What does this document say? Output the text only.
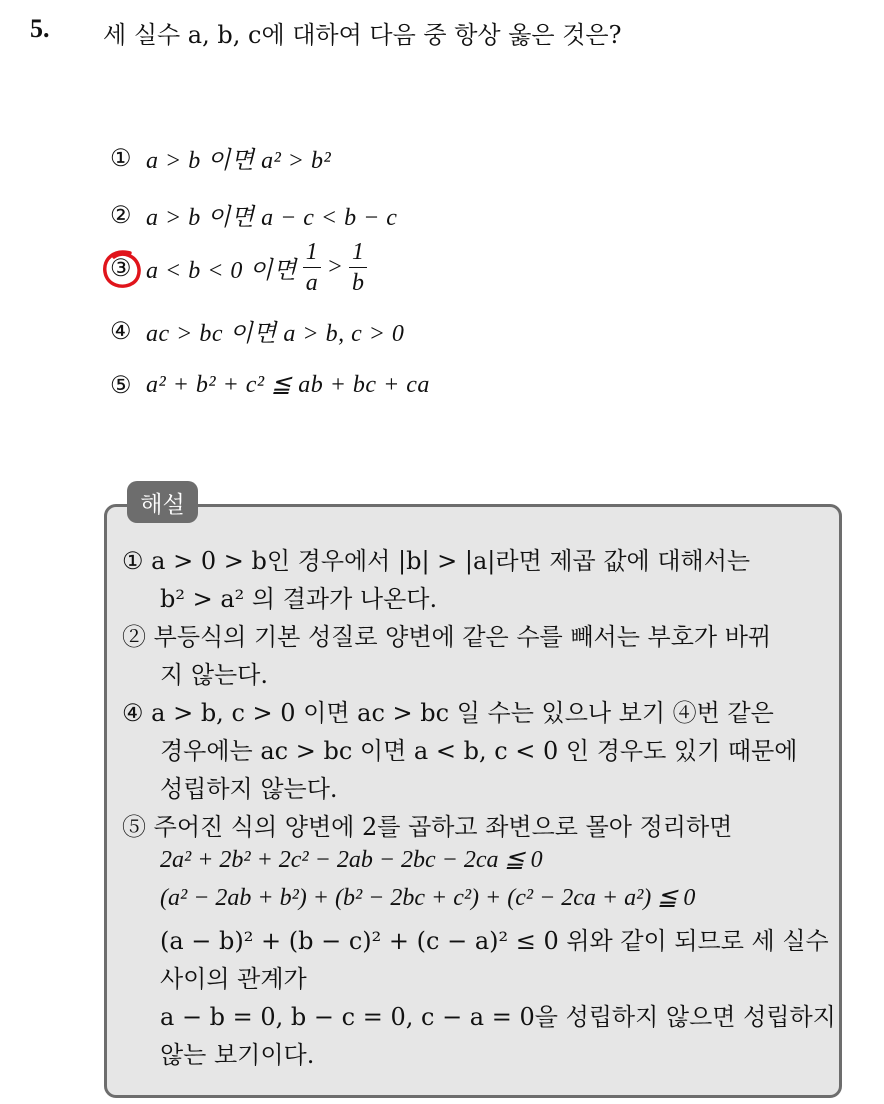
5. 세 실수 a, b, c에 대하여 다음 중 항상 옳은 것은?
① a > b 이면 a² > b²
② a > b 이면 a − c < b − c
③ a < b < 0 이면 $\frac{1}{a} > \frac{1}{b}$
④ ac > bc 이면 a > b, c > 0
⑤ a² + b² + c² ≦ ab + bc + ca
해설
① a > 0 > b인 경우에서 |b| > |a|라면 제곱 값에 대해서는
b² > a² 의 결과가 나온다.
② 부등식의 기본 성질로 양변에 같은 수를 빼서는 부호가 바뀌
지 않는다.
④ a > b, c > 0 이면 ac > bc 일 수는 있으나 보기 ④번 같은
경우에는 ac > bc 이면 a < b, c < 0 인 경우도 있기 때문에
성립하지 않는다.
⑤ 주어진 식의 양변에 2를 곱하고 좌변으로 몰아 정리하면
2a² + 2b² + 2c² − 2ab − 2bc − 2ca ≦ 0
(a² − 2ab + b²) + (b² − 2bc + c²) + (c² − 2ca + a²) ≦ 0
(a − b)² + (b − c)² + (c − a)² ≤ 0 위와 같이 되므로 세 실수
사이의 관계가
a − b = 0, b − c = 0, c − a = 0을 성립하지 않으면 성립하지
않는 보기이다.
